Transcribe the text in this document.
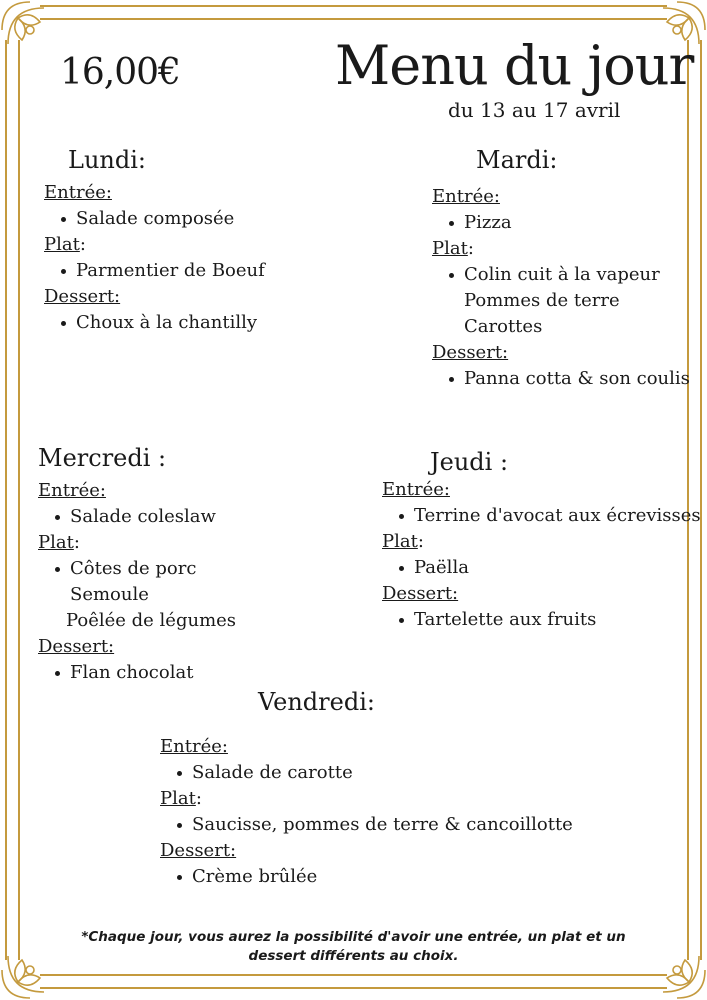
16,00€	Menu du jour
du 13 au 17 avril
Lundi:
Entrée:
Salade composée
Plat:
Parmentier de Boeuf
Dessert:
Choux à la chantilly
Mardi:
Entrée:
Pizza
Plat:
Colin cuit à la vapeur
Pommes de terre
Carottes
Dessert:
Panna cotta & son coulis
Mercredi :
Entrée:
Salade coleslaw
Plat:
Côtes de porc
Semoule
Poêlée de légumes
Dessert:
Flan chocolat
Jeudi :
Entrée:
Terrine d'avocat aux écrevisses
Plat:
Paëlla
Dessert:
Tartelette aux fruits
Vendredi:
Entrée:
Salade de carotte
Plat:
Saucisse, pommes de terre & cancoillotte
Dessert:
Crème brûlée
*Chaque jour, vous aurez la possibilité d'avoir une entrée, un plat et un dessert différents au choix.
